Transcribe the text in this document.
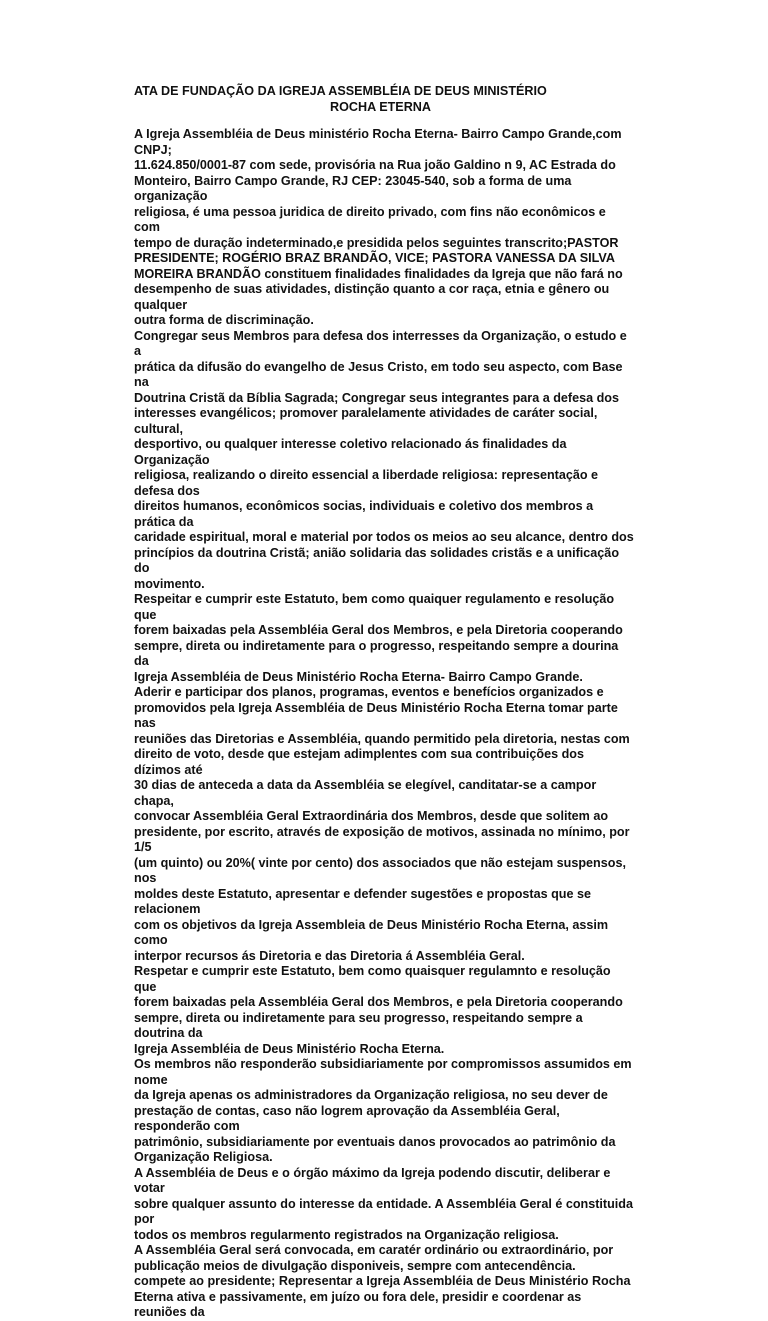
ATA DE FUNDAÇÃO DA IGREJA ASSEMBLÉIA DE DEUS MINISTÉRIO
ROCHA ETERNA

A Igreja Assembléia de Deus ministério Rocha Eterna- Bairro Campo Grande,com CNPJ;
11.624.850/0001-87 com sede, provisória na Rua joão Galdino n 9, AC Estrada do
Monteiro, Bairro Campo Grande, RJ CEP: 23045-540, sob a forma de uma organização
religiosa, é uma pessoa juridica de direito privado, com fins não econômicos e com
tempo de duração indeterminado,e presidida pelos seguintes transcrito;PASTOR
PRESIDENTE; ROGÉRIO BRAZ BRANDÃO, VICE; PASTORA VANESSA DA SILVA
MOREIRA BRANDÃO constituem finalidades finalidades da Igreja que não fará no
desempenho de suas atividades, distinção quanto a cor raça, etnia e gênero ou qualquer
outra forma de discriminação.

Congregar seus Membros para defesa dos interresses da Organização, o estudo e a
prática da difusão do evangelho de Jesus Cristo, em todo seu aspecto, com Base na
Doutrina Cristã da Bíblia Sagrada; Congregar seus integrantes para a defesa dos
interesses evangélicos; promover paralelamente atividades de caráter social, cultural,
desportivo, ou qualquer interesse coletivo relacionado ás finalidades da Organização
religiosa, realizando o direito essencial a liberdade religiosa: representação e defesa dos
direitos humanos, econômicos socias, individuais e coletivo dos membros a prática da
caridade espiritual, moral e material por todos os meios ao seu alcance, dentro dos
princípios da doutrina Cristã; anião solidaria das solidades cristãs e a unificação do
movimento.

Respeitar e cumprir este Estatuto, bem como quaiquer regulamento e resolução que
forem baixadas pela Assembléia Geral dos Membros, e pela Diretoria cooperando
sempre, direta ou indiretamente para o progresso, respeitando sempre a dourina da
Igreja Assembléia de Deus Ministério Rocha Eterna- Bairro Campo Grande.

Aderir e participar dos planos, programas, eventos e benefícios organizados e
promovidos pela Igreja Assembléia de Deus Ministério Rocha Eterna tomar parte nas
reuniões das Diretorias e Assembléia, quando permitido pela diretoria, nestas com
direito de voto, desde que estejam adimplentes com sua contribuições dos dízimos até
30 dias de anteceda a data da Assembléia se elegível, canditatar-se a campor chapa,
convocar Assembléia Geral Extraordinária dos Membros, desde que solitem ao
presidente, por escrito, através de exposição de motivos, assinada no mínimo, por 1/5
(um quinto) ou 20%( vinte por cento) dos associados que não estejam suspensos, nos
moldes deste Estatuto, apresentar e defender sugestões e propostas que se relacionem
com os objetivos da Igreja Assembleia de Deus Ministério Rocha Eterna, assim como
interpor recursos ás Diretoria e das Diretoria á Assembléia Geral.

Respetar e cumprir este Estatuto, bem como quaisquer regulamnto e resolução que
forem baixadas pela Assembléia Geral dos Membros, e pela Diretoria cooperando
sempre, direta ou indiretamente para seu progresso, respeitando sempre a doutrina da
Igreja Assembléia de Deus Ministério Rocha Eterna.

Os membros não responderão subsidiariamente por compromissos assumidos em nome
da Igreja apenas os administradores da Organização religiosa, no seu dever de
prestação de contas, caso não logrem aprovação da Assembléia Geral, responderão com
patrimônio, subsidiariamente por eventuais danos provocados ao patrimônio da
Organização Religiosa.

A Assembléia de Deus e o órgão máximo da Igreja podendo discutir, deliberar e votar
sobre qualquer assunto do interesse da entidade. A Assembléia Geral é constituida por
todos os membros regularmento registrados na Organização religiosa.

A Assembléia Geral será convocada, em caratér ordinário ou extraordinário, por
publicação meios de divulgação disponiveis, sempre com antecendência.

compete ao presidente; Representar a Igreja Assembléia de Deus Ministério Rocha
Eterna ativa e passivamente, em juízo ou fora dele, presidir e coordenar as reuniões da
